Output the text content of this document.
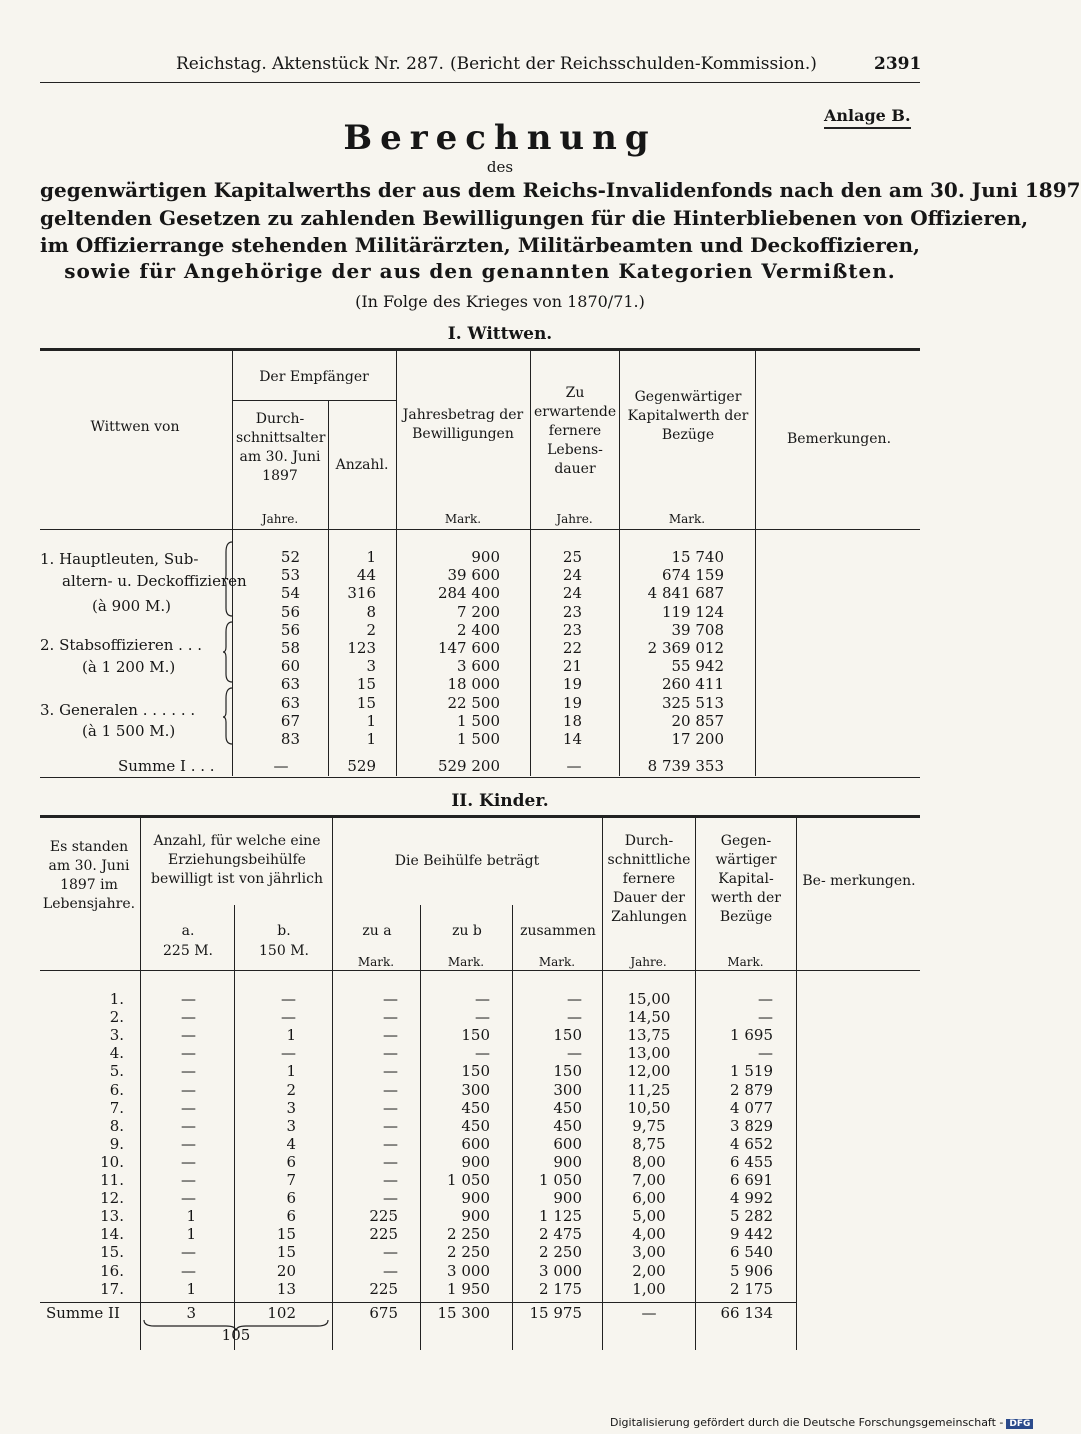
Reichstag. Aktenstück Nr. 287. (Bericht der Reichsschulden-Kommission.)	2391
Anlage B.
Berechnung
des
gegenwärtigen Kapitalwerths der aus dem Reichs-Invalidenfonds nach den am 30. Juni 1897
geltenden Gesetzen zu zahlenden Bewilligungen für die Hinterbliebenen von Offizieren,
im Offizierrange stehenden Militärärzten, Militärbeamten und Deckoffizieren,
sowie für Angehörige der aus den genannten Kategorien Vermißten.
(In Folge des Krieges von 1870/71.)
I. Wittwen.
Wittwen von
Der Empfänger
Durch- schnittsalter am 30. Juni 1897
Anzahl.
Jahresbetrag der Bewilligungen
Zu erwartende fernere Lebens- dauer
Gegenwärtiger Kapitalwerth der Bezüge	Bemerkungen.
Jahre.	Mark.	Jahre.	Mark.
1. Hauptleuten, Sub-
altern- u. Deckoffizieren
(à 900 M.)
2. Stabsoffizieren . . .
(à 1 200 M.)
3. Generalen . . . . . .
(à 1 500 M.)
52	1	900	25	15 740
53	44	39 600	24	674 159
54	316	284 400	24	4 841 687
56	8	7 200	23	119 124
56	2	2 400	23	39 708
58	123	147 600	22	2 369 012
60	3	3 600	21	55 942
63	15	18 000	19	260 411
63	15	22 500	19	325 513
67	1	1 500	18	20 857
83	1	1 500	14	17 200
Summe I . . .	—	529	529 200	—	8 739 353
II. Kinder.
Es standen am 30. Juni 1897 im Lebensjahre.
Anzahl, für welche eine Erziehungsbeihülfe bewilligt ist von jährlich
a.
225 M.
b.
150 M.
Die Beihülfe beträgt
zu a	zu b	zusammen
Durch- schnittliche fernere Dauer der Zahlungen
Gegen- wärtiger Kapital- werth der Bezüge
Be- merkungen.
Mark.	Mark.	Mark.	Jahre.	Mark.
1.	—	—	—	—	—	15,00	—
2.	—	—	—	—	—	14,50	—
3.	—	1	—	150	150	13,75	1 695
4.	—	—	—	—	—	13,00	—
5.	—	1	—	150	150	12,00	1 519
6.	—	2	—	300	300	11,25	2 879
7.	—	3	—	450	450	10,50	4 077
8.	—	3	—	450	450	9,75	3 829
9.	—	4	—	600	600	8,75	4 652
10.	—	6	—	900	900	8,00	6 455
11.	—	7	—	1 050	1 050	7,00	6 691
12.	—	6	—	900	900	6,00	4 992
13.	1	6	225	900	1 125	5,00	5 282
14.	1	15	225	2 250	2 475	4,00	9 442
15.	—	15	—	2 250	2 250	3,00	6 540
16.	—	20	—	3 000	3 000	2,00	5 906
17.	1	13	225	1 950	2 175	1,00	2 175
Summe II	3	102	675	15 300	15 975	—	66 134
105
Digitalisierung gefördert durch die Deutsche Forschungsgemeinschaft - DFG
